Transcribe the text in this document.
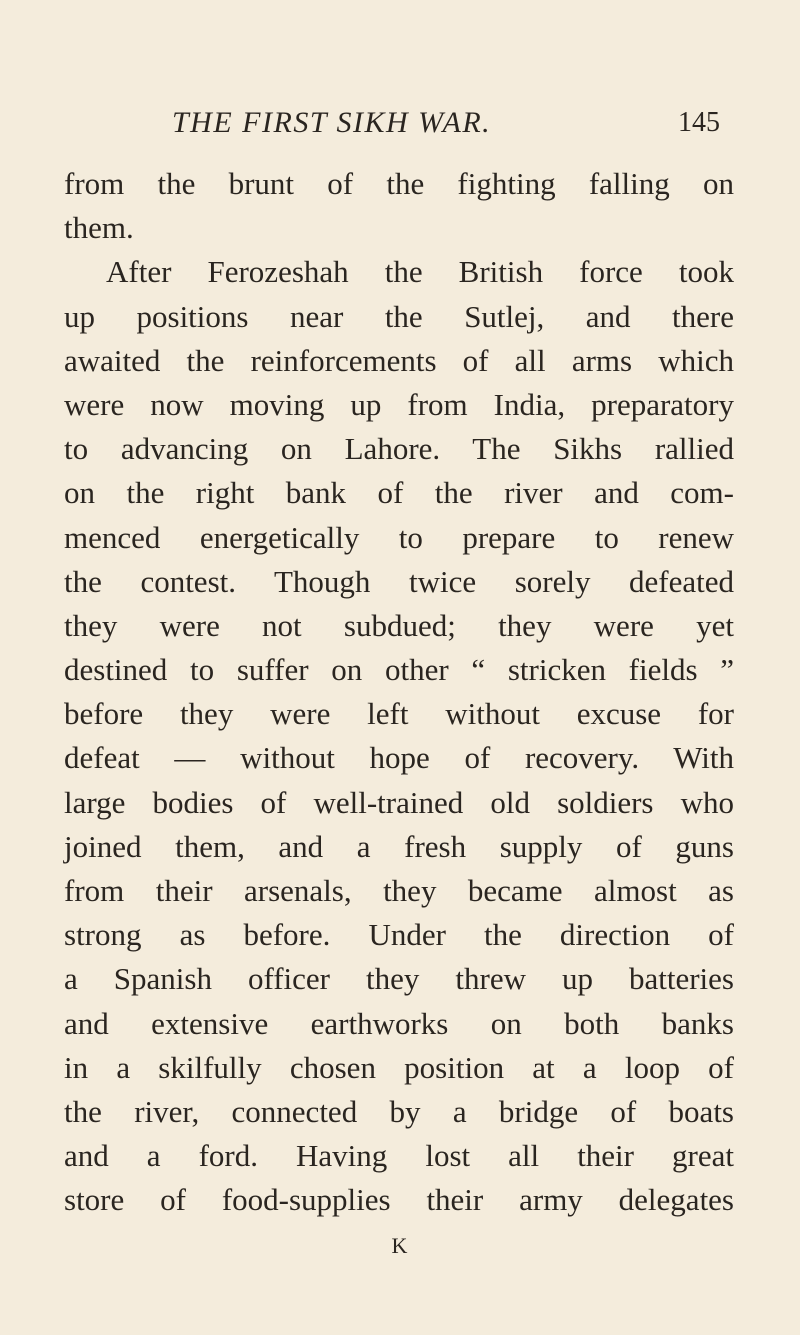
THE FIRST SIKH WAR.	145
from the brunt of the fighting falling on
them.
After Ferozeshah the British force took
up positions near the Sutlej, and there
awaited the reinforcements of all arms which
were now moving up from India, preparatory
to advancing on Lahore. The Sikhs rallied
on the right bank of the river and com-
menced energetically to prepare to renew
the contest. Though twice sorely defeated
they were not subdued; they were yet
destined to suffer on other “ stricken fields ”
before they were left without excuse for
defeat — without hope of recovery. With
large bodies of well-trained old soldiers who
joined them, and a fresh supply of guns
from their arsenals, they became almost as
strong as before. Under the direction of
a Spanish officer they threw up batteries
and extensive earthworks on both banks
in a skilfully chosen position at a loop of
the river, connected by a bridge of boats
and a ford. Having lost all their great
store of food-supplies their army delegates
K
